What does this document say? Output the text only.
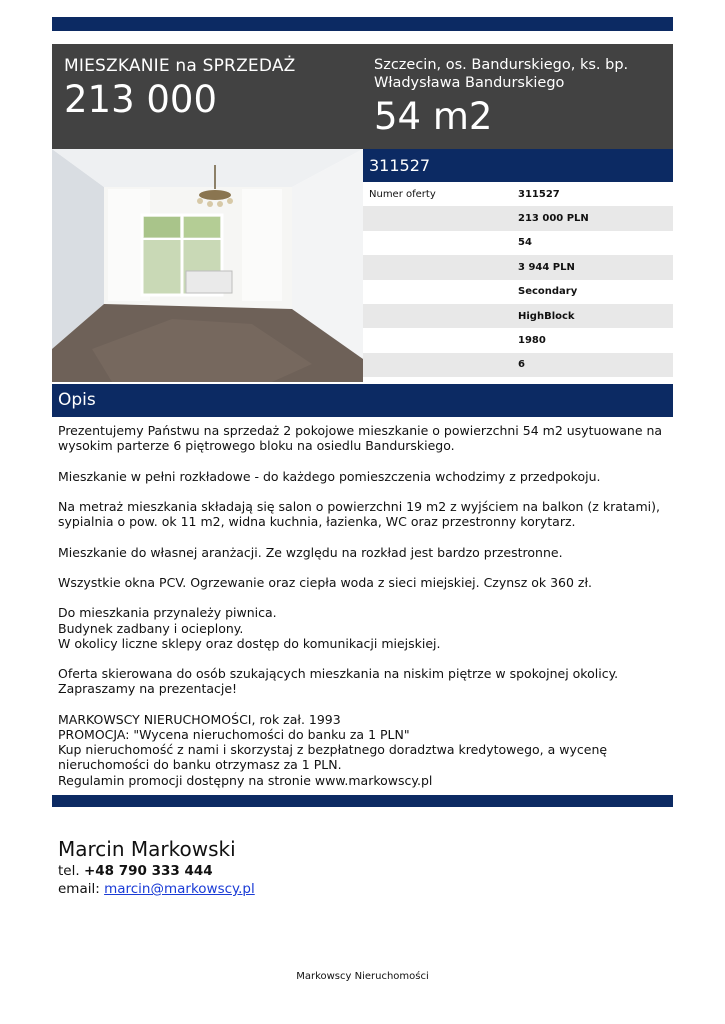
MIESZKANIE na SPRZEDAŻ
213 000
Szczecin, os. Bandurskiego, ks. bp. Władysława Bandurskiego
54 m2
311527
Numer oferty	311527
213 000 PLN
54
3 944 PLN
Secondary
HighBlock
1980
6
Opis

Prezentujemy Państwu na sprzedaż 2 pokojowe mieszkanie o powierzchni 54 m2 usytuowane na wysokim parterze 6 piętrowego bloku na osiedlu Bandurskiego.

Mieszkanie w pełni rozkładowe - do każdego pomieszczenia wchodzimy z przedpokoju.

Na metraż mieszkania składają się salon o powierzchni 19 m2 z wyjściem na balkon (z kratami), sypialnia o pow. ok 11 m2, widna kuchnia, łazienka, WC oraz przestronny korytarz.

Mieszkanie do własnej aranżacji. Ze względu na rozkład jest bardzo przestronne.

Wszystkie okna PCV. Ogrzewanie oraz ciepła woda z sieci miejskiej. Czynsz ok 360 zł.

Do mieszkania przynależy piwnica.
Budynek zadbany i ocieplony.
W okolicy liczne sklepy oraz dostęp do komunikacji miejskiej.

Oferta skierowana do osób szukających mieszkania na niskim piętrze w spokojnej okolicy.
Zapraszamy na prezentacje!

MARKOWSCY NIERUCHOMOŚCI, rok zał. 1993
PROMOCJA: "Wycena nieruchomości do banku za 1 PLN"
Kup nieruchomość z nami i skorzystaj z bezpłatnego doradztwa kredytowego, a wycenę nieruchomości do banku otrzymasz za 1 PLN.
Regulamin promocji dostępny na stronie www.markowscy.pl

Marcin Markowski
tel. +48 790 333 444
email: marcin@markowscy.pl
Markowscy Nieruchomości
